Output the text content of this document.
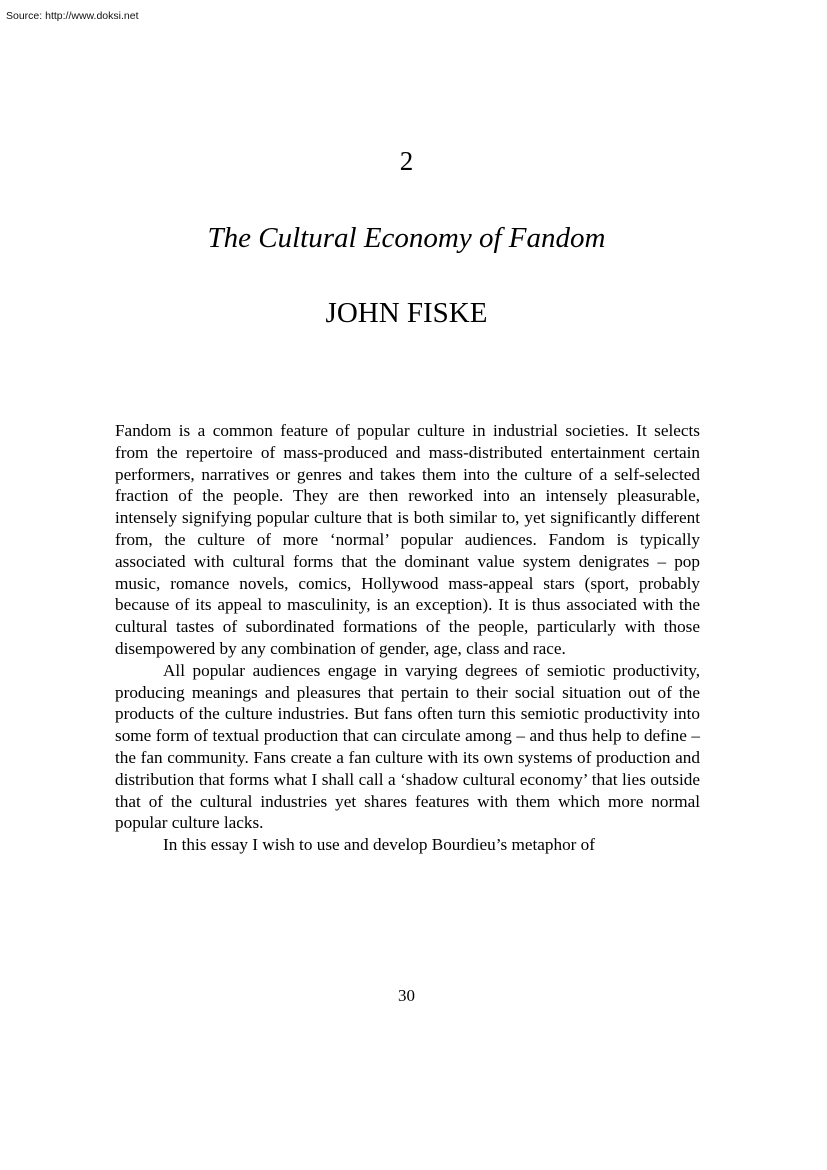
Source: http://www.doksi.net
2
The Cultural Economy of Fandom
JOHN FISKE

Fandom is a common feature of popular culture in industrial societies. It selects from the repertoire of mass-produced and mass-distributed entertainment certain performers, narratives or genres and takes them into the culture of a self-selected fraction of the people. They are then reworked into an intensely pleasurable, intensely signifying popular culture that is both similar to, yet significantly different from, the culture of more ‘normal’ popular audiences. Fandom is typically associated with cultural forms that the dominant value system denigrates – pop music, romance novels, comics, Hollywood mass-appeal stars (sport, probably because of its appeal to masculinity, is an exception). It is thus associated with the cultural tastes of subordinated formations of the people, particularly with those disempowered by any combination of gender, age, class and race.

All popular audiences engage in varying degrees of semiotic productivity, producing meanings and pleasures that pertain to their social situation out of the products of the culture industries. But fans often turn this semiotic productivity into some form of textual production that can circulate among – and thus help to define – the fan community. Fans create a fan culture with its own systems of production and distribution that forms what I shall call a ‘shadow cultural economy’ that lies outside that of the cultural industries yet shares features with them which more normal popular culture lacks.

In this essay I wish to use and develop Bourdieu’s metaphor of

30
